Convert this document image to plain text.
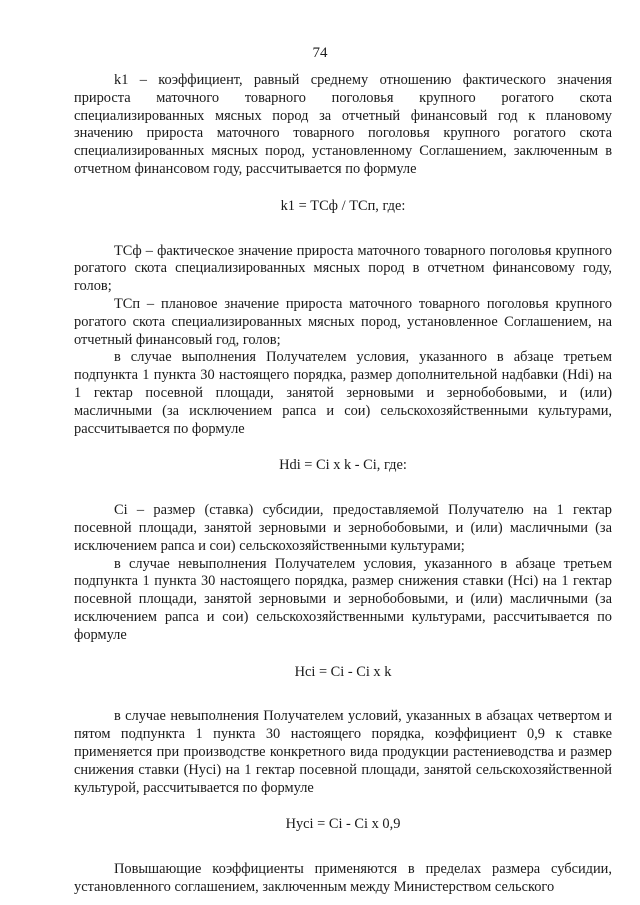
74

k1 – коэффициент, равный среднему отношению фактического значения прироста маточного товарного поголовья крупного рогатого скота специализированных мясных пород за отчетный финансовый год к плановому значению прироста маточного товарного поголовья крупного рогатого скота специализированных мясных пород, установленному Соглашением, заключенным в отчетном финансовом году, рассчитывается по формуле

k1 = ТСф / ТСп, где:

ТСф – фактическое значение прироста маточного товарного поголовья крупного рогатого скота специализированных мясных пород в отчетном финансовому году, голов;

ТСп – плановое значение прироста маточного товарного поголовья крупного рогатого скота специализированных мясных пород, установленное Соглашением, на отчетный финансовый год, голов;

в случае выполнения Получателем условия, указанного в абзаце третьем подпункта 1 пункта 30 настоящего порядка, размер дополнительной надбавки (Нdi) на 1 гектар посевной площади, занятой зерновыми и зернобобовыми, и (или) масличными (за исключением рапса и сои) сельскохозяйственными культурами, рассчитывается по формуле

Нdi = Ci x k - Ci, где:

Ci – размер (ставка) субсидии, предоставляемой Получателю на 1 гектар посевной площади, занятой зерновыми и зернобобовыми, и (или) масличными (за исключением рапса и сои) сельскохозяйственными культурами;

в случае невыполнения Получателем условия, указанного в абзаце третьем подпункта 1 пункта 30 настоящего порядка, размер снижения ставки (Нci) на 1 гектар посевной площади, занятой зерновыми и зернобобовыми, и (или) масличными (за исключением рапса и сои) сельскохозяйственными культурами, рассчитывается по формуле

Нci = Ci - Ci x k

в случае невыполнения Получателем условий, указанных в абзацах четвертом и пятом подпункта 1 пункта 30 настоящего порядка, коэффициент 0,9 к ставке применяется при производстве конкретного вида продукции растениеводства и размер снижения ставки (Нуci) на 1 гектар посевной площади, занятой сельскохозяйственной культурой, рассчитывается по формуле

Нуci = Ci - Ci x 0,9

Повышающие коэффициенты применяются в пределах размера субсидии, установленного соглашением, заключенным между Министерством сельского
